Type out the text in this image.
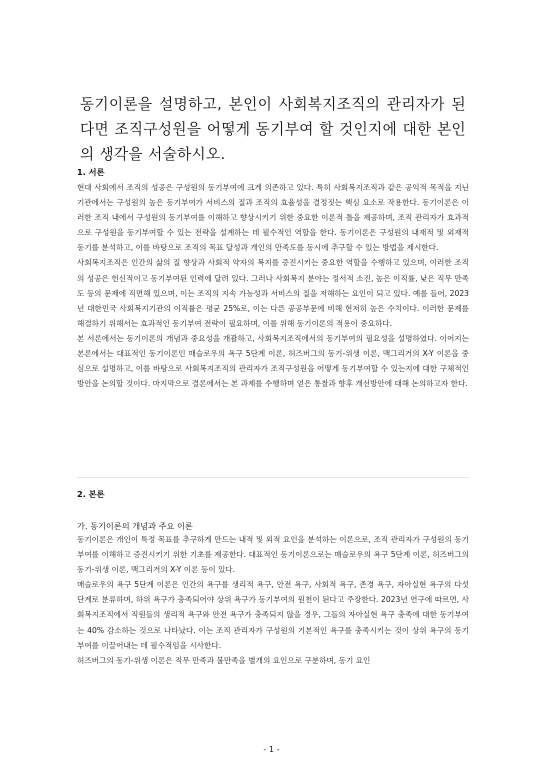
동기이론을 설명하고, 본인이 사회복지조직의 관리자가 된다면 조직구성원을 어떻게 동기부여 할 것인지에 대한 본인의 생각을 서술하시오.
1. 서론

현대 사회에서 조직의 성공은 구성원의 동기부여에 크게 의존하고 있다. 특히 사회복지조직과 같은 공익적 목적을 지닌 기관에서는 구성원의 높은 동기부여가 서비스의 질과 조직의 효율성을 결정짓는 핵심 요소로 작용한다. 동기이론은 이러한 조직 내에서 구성원의 동기부여를 이해하고 향상시키기 위한 중요한 이론적 틀을 제공하며, 조직 관리자가 효과적으로 구성원을 동기부여할 수 있는 전략을 설계하는 데 필수적인 역할을 한다. 동기이론은 구성원의 내재적 및 외재적 동기를 분석하고, 이를 바탕으로 조직의 목표 달성과 개인의 만족도를 동시에 추구할 수 있는 방법을 제시한다.

사회복지조직은 인간의 삶의 질 향상과 사회적 약자의 복지를 증진시키는 중요한 역할을 수행하고 있으며, 이러한 조직의 성공은 헌신적이고 동기부여된 인력에 달려 있다. 그러나 사회복지 분야는 정서적 소진, 높은 이직률, 낮은 직무 만족도 등의 문제에 직면해 있으며, 이는 조직의 지속 가능성과 서비스의 질을 저해하는 요인이 되고 있다. 예를 들어, 2023년 대한민국 사회복지기관의 이직률은 평균 25%로, 이는 다른 공공부문에 비해 현저히 높은 수치이다. 이러한 문제를 해결하기 위해서는 효과적인 동기부여 전략이 필요하며, 이를 위해 동기이론의 적용이 중요하다.

본 서론에서는 동기이론의 개념과 중요성을 개괄하고, 사회복지조직에서의 동기부여의 필요성을 설명하였다. 이어지는 본론에서는 대표적인 동기이론인 매슬로우의 욕구 5단계 이론, 허즈버그의 동기-위생 이론, 맥그리거의 X-Y 이론을 중심으로 설명하고, 이를 바탕으로 사회복지조직의 관리자가 조직구성원을 어떻게 동기부여할 수 있는지에 대한 구체적인 방안을 논의할 것이다. 마지막으로 결론에서는 본 과제를 수행하며 얻은 통찰과 향후 개선방안에 대해 논의하고자 한다.

2. 본론
가. 동기이론의 개념과 주요 이론

동기이론은 개인이 특정 목표를 추구하게 만드는 내적 및 외적 요인을 분석하는 이론으로, 조직 관리자가 구성원의 동기부여를 이해하고 증진시키기 위한 기초를 제공한다. 대표적인 동기이론으로는 매슬로우의 욕구 5단계 이론, 허즈버그의 동기-위생 이론, 맥그리거의 X-Y 이론 등이 있다.

매슬로우의 욕구 5단계 이론은 인간의 욕구를 생리적 욕구, 안전 욕구, 사회적 욕구, 존경 욕구, 자아실현 욕구의 다섯 단계로 분류하며, 하위 욕구가 충족되어야 상위 욕구가 동기부여의 원천이 된다고 주장한다. 2023년 연구에 따르면, 사회복지조직에서 직원들의 생리적 욕구와 안전 욕구가 충족되지 않을 경우, 그들의 자아실현 욕구 충족에 대한 동기부여는 40% 감소하는 것으로 나타났다. 이는 조직 관리자가 구성원의 기본적인 욕구를 충족시키는 것이 상위 욕구의 동기부여를 이끌어내는 데 필수적임을 시사한다.

허즈버그의 동기-위생 이론은 직무 만족과 불만족을 별개의 요인으로 구분하며, 동기 요인

- 1 -
